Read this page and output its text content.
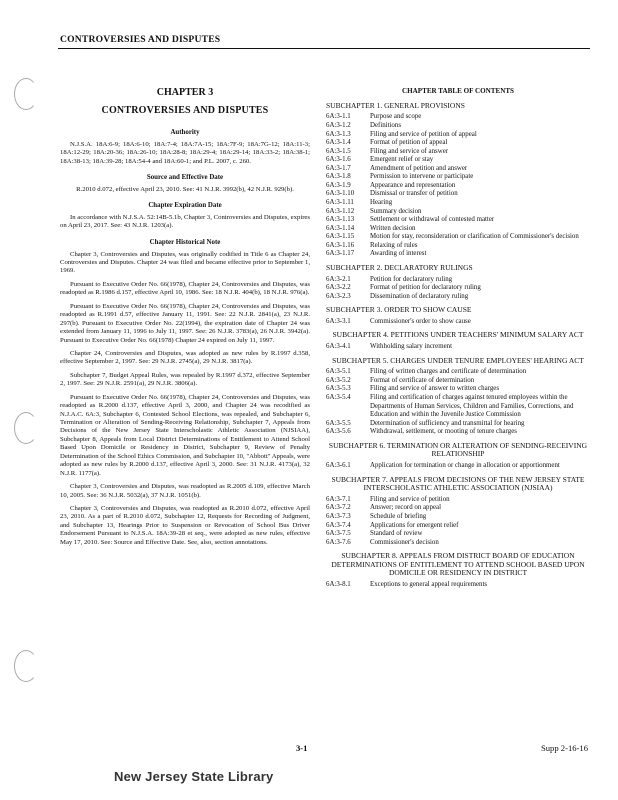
CONTROVERSIES AND DISPUTES
CHAPTER 3
CONTROVERSIES AND DISPUTES
Authority

N.J.S.A. 18A:6-9; 18A:6-10; 18A:7-4; 18A:7A-15; 18A:7F-9; 18A:7G-12; 18A:11-3; 18A:12-29; 18A:20-36; 18A:26-10; 18A:28-8; 18A:29-4; 18A:29-14; 18A:33-2; 18A:38-1; 18A:38-13; 18A:39-28; 18A:54-4 and 18A:60-1; and P.L. 2007, c. 260.

Source and Effective Date

R.2010 d.072, effective April 23, 2010. See: 41 N.J.R. 3992(b), 42 N.J.R. 929(b).

Chapter Expiration Date

In accordance with N.J.S.A. 52:14B-5.1b, Chapter 3, Controversies and Disputes, expires on April 23, 2017. See: 43 N.J.R. 1203(a).

Chapter Historical Note

Chapter 3, Controversies and Disputes, was originally codified in Title 6 as Chapter 24, Controversies and Disputes. Chapter 24 was filed and became effective prior to September 1, 1969.

Pursuant to Executive Order No. 66(1978), Chapter 24, Controversies and Disputes, was readopted as R.1986 d.157, effective April 10, 1986. See: 18 N.J.R. 404(b), 18 N.J.R. 976(a).

Pursuant to Executive Order No. 66(1978), Chapter 24, Controversies and Disputes, was readopted as R.1991 d.57, effective January 11, 1991. See: 22 N.J.R. 2841(a), 23 N.J.R. 297(b). Pursuant to Executive Order No. 22(1994), the expiration date of Chapter 24 was extended from January 11, 1996 to July 11, 1997. See: 26 N.J.R. 3783(a), 26 N.J.R. 3942(a). Pursuant to Executive Order No. 66(1978) Chapter 24 expired on July 11, 1997.

Chapter 24, Controversies and Disputes, was adopted as new rules by R.1997 d.358, effective September 2, 1997. See: 29 N.J.R. 2745(a), 29 N.J.R. 3817(a).

Subchapter 7, Budget Appeal Rules, was repealed by R.1997 d.372, effective September 2, 1997. See: 29 N.J.R. 2591(a), 29 N.J.R. 3806(a).

Pursuant to Executive Order No. 66(1978), Chapter 24, Controversies and Disputes, was readopted as R.2000 d.137, effective April 3, 2000, and Chapter 24 was recodified as N.J.A.C. 6A:3, Subchapter 6, Contested School Elections, was repealed, and Subchapter 6, Termination or Alteration of Sending-Receiving Relationship, Subchapter 7, Appeals from Decisions of the New Jersey State Interscholastic Athletic Association (NJSIAA), Subchapter 8, Appeals from Local District Determinations of Entitlement to Attend School Based Upon Domicile or Residency in District, Subchapter 9, Review of Penalty Determination of the School Ethics Commission, and Subchapter 10, "Abbott" Appeals, were adopted as new rules by R.2000 d.137, effective April 3, 2000. See: 31 N.J.R. 4173(a), 32 N.J.R. 1177(a).

Chapter 3, Controversies and Disputes, was readopted as R.2005 d.109, effective March 10, 2005. See: 36 N.J.R. 5032(a), 37 N.J.R. 1051(b).

Chapter 3, Controversies and Disputes, was readopted as R.2010 d.072, effective April 23, 2010. As a part of R.2010 d.072, Subchapter 12, Requests for Recording of Judgment, and Subchapter 13, Hearings Prior to Suspension or Revocation of School Bus Driver Endorsement Pursuant to N.J.S.A. 18A:39-28 et seq., were adopted as new rules, effective May 17, 2010. See: Source and Effective Date. See, also, section annotations.

CHAPTER TABLE OF CONTENTS
SUBCHAPTER 1. GENERAL PROVISIONS
6A:3-1.1	Purpose and scope
6A:3-1.2	Definitions
6A:3-1.3	Filing and service of petition of appeal
6A:3-1.4	Format of petition of appeal
6A:3-1.5	Filing and service of answer
6A:3-1.6	Emergent relief or stay
6A:3-1.7	Amendment of petition and answer
6A:3-1.8	Permission to intervene or participate
6A:3-1.9	Appearance and representation
6A:3-1.10	Dismissal or transfer of petition
6A:3-1.11	Hearing
6A:3-1.12	Summary decision
6A:3-1.13	Settlement or withdrawal of contested matter
6A:3-1.14	Written decision
6A:3-1.15	Motion for stay, reconsideration or clarification of Commissioner's decision
6A:3-1.16	Relaxing of rules
6A:3-1.17	Awarding of interest
SUBCHAPTER 2. DECLARATORY RULINGS
6A:3-2.1	Petition for declaratory ruling
6A:3-2.2	Format of petition for declaratory ruling
6A:3-2.3	Dissemination of declaratory ruling
SUBCHAPTER 3. ORDER TO SHOW CAUSE
6A:3-3.1	Commissioner's order to show cause
SUBCHAPTER 4. PETITIONS UNDER TEACHERS' MINIMUM SALARY ACT
6A:3-4.1	Withholding salary increment
SUBCHAPTER 5. CHARGES UNDER TENURE EMPLOYEES' HEARING ACT
6A:3-5.1	Filing of written charges and certificate of determination
6A:3-5.2	Format of certificate of determination
6A:3-5.3	Filing and service of answer to written charges
6A:3-5.4	Filing and certification of charges against tenured employees within the Departments of Human Services, Children and Families, Corrections, and Education and within the Juvenile Justice Commission
6A:3-5.5	Determination of sufficiency and transmittal for hearing
6A:3-5.6	Withdrawal, settlement, or mooting of tenure charges
SUBCHAPTER 6. TERMINATION OR ALTERATION OF SENDING-RECEIVING RELATIONSHIP
6A:3-6.1	Application for termination or change in allocation or apportionment
SUBCHAPTER 7. APPEALS FROM DECISIONS OF THE NEW JERSEY STATE INTERSCHOLASTIC ATHLETIC ASSOCIATION (NJSIAA)
6A:3-7.1	Filing and service of petition
6A:3-7.2	Answer; record on appeal
6A:3-7.3	Schedule of briefing
6A:3-7.4	Applications for emergent relief
6A:3-7.5	Standard of review
6A:3-7.6	Commissioner's decision
SUBCHAPTER 8. APPEALS FROM DISTRICT BOARD OF EDUCATION DETERMINATIONS OF ENTITLEMENT TO ATTEND SCHOOL BASED UPON DOMICILE OR RESIDENCY IN DISTRICT
6A:3-8.1	Exceptions to general appeal requirements
3-1	Supp 2-16-16
New Jersey State Library
